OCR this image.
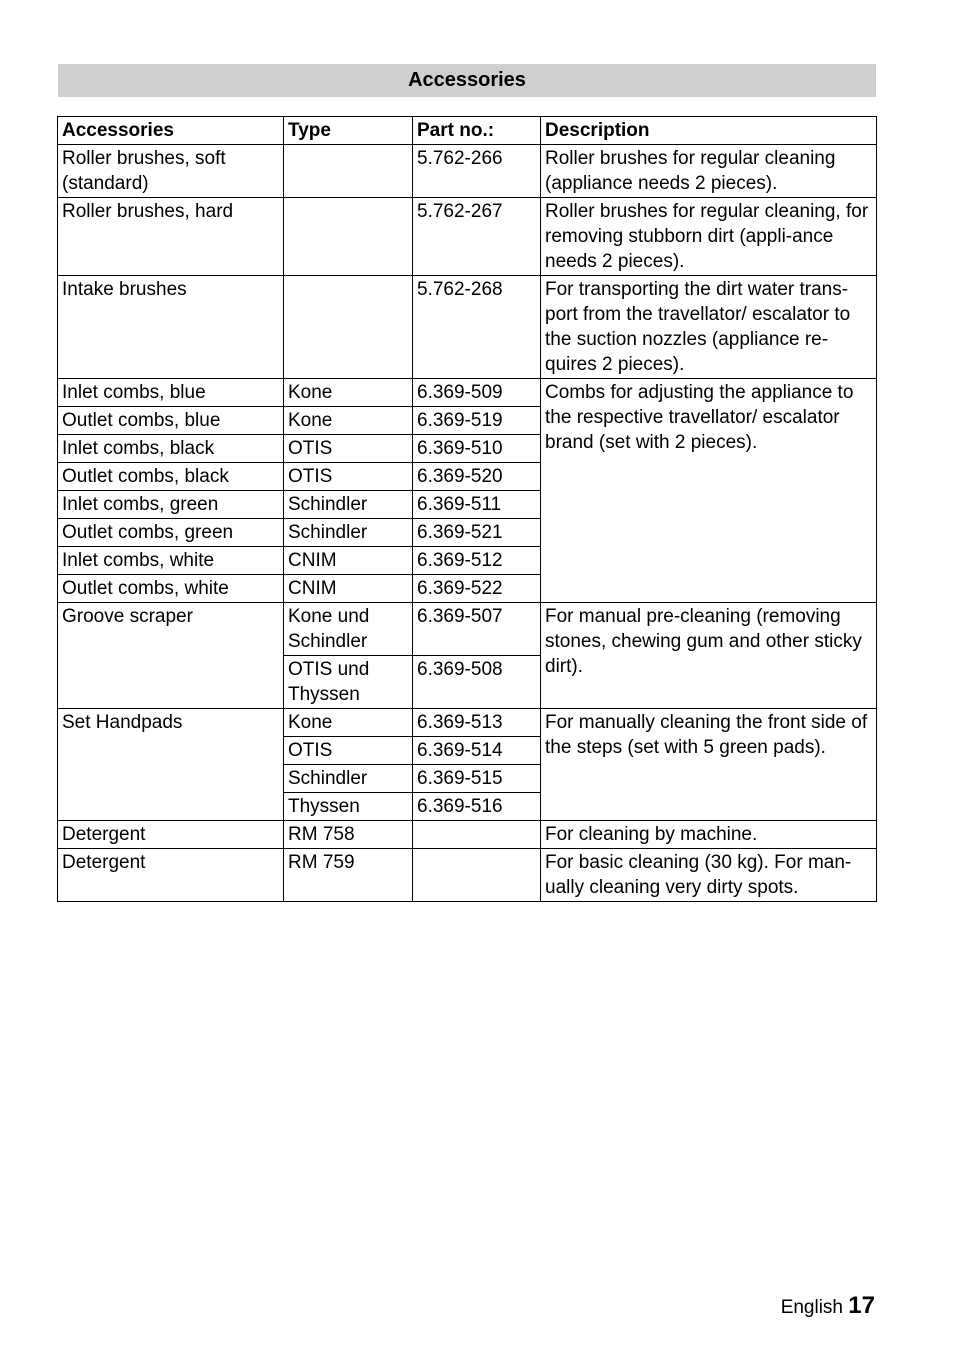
Accessories
Accessories	Type	Part no.:	Description
Roller brushes, soft (standard)		5.762-266	Roller brushes for regular cleaning (appliance needs 2 pieces).
Roller brushes, hard		5.762-267	Roller brushes for regular cleaning, for removing stubborn dirt (appli-ance needs 2 pieces).
Intake brushes		5.762-268	For transporting the dirt water trans-port from the travellator/ escalator to the suction nozzles (appliance re-quires 2 pieces).
Inlet combs, blue	Kone	6.369-509	Combs for adjusting the appliance to the respective travellator/ escalator brand (set with 2 pieces).
Outlet combs, blue	Kone	6.369-519	
Inlet combs, black	OTIS	6.369-510	
Outlet combs, black	OTIS	6.369-520	
Inlet combs, green	Schindler	6.369-511	
Outlet combs, green	Schindler	6.369-521	
Inlet combs, white	CNIM	6.369-512	
Outlet combs, white	CNIM	6.369-522	
Groove scraper	Kone und Schindler	6.369-507	For manual pre-cleaning (removing stones, chewing gum and other sticky dirt).
	OTIS und Thyssen	6.369-508	
Set Handpads	Kone	6.369-513	For manually cleaning the front side of the steps (set with 5 green pads).
	OTIS	6.369-514	
	Schindler	6.369-515	
	Thyssen	6.369-516	
Detergent	RM 758		For cleaning by machine.
Detergent	RM 759		For basic cleaning (30 kg). For man-ually cleaning very dirty spots.
English 17
